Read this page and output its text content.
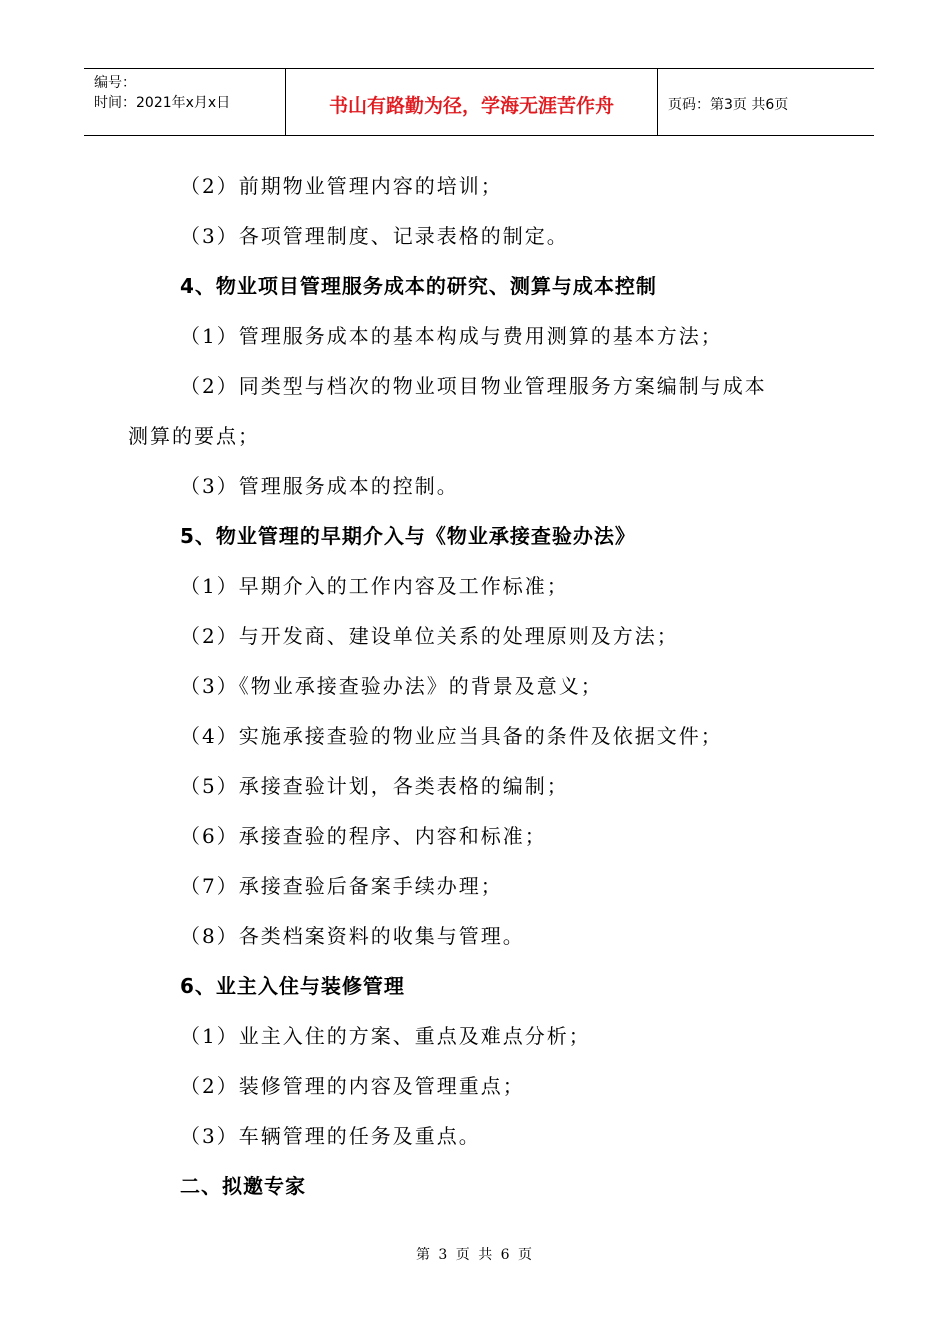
编号：
时间：2021年x月x日	书山有路勤为径，学海无涯苦作舟	页码：第3页 共6页
（2）前期物业管理内容的培训；
（3）各项管理制度、记录表格的制定。
4、物业项目管理服务成本的研究、测算与成本控制
（1）管理服务成本的基本构成与费用测算的基本方法；
（2）同类型与档次的物业项目物业管理服务方案编制与成本
测算的要点；
（3）管理服务成本的控制。
5、物业管理的早期介入与《物业承接查验办法》
（1）早期介入的工作内容及工作标准；
（2）与开发商、建设单位关系的处理原则及方法；
（3）《物业承接查验办法》的背景及意义；
（4）实施承接查验的物业应当具备的条件及依据文件；
（5）承接查验计划，各类表格的编制；
（6）承接查验的程序、内容和标准；
（7）承接查验后备案手续办理；
（8）各类档案资料的收集与管理。
6、业主入住与装修管理
（1）业主入住的方案、重点及难点分析；
（2）装修管理的内容及管理重点；
（3）车辆管理的任务及重点。
二、拟邀专家
第 3 页 共 6 页
